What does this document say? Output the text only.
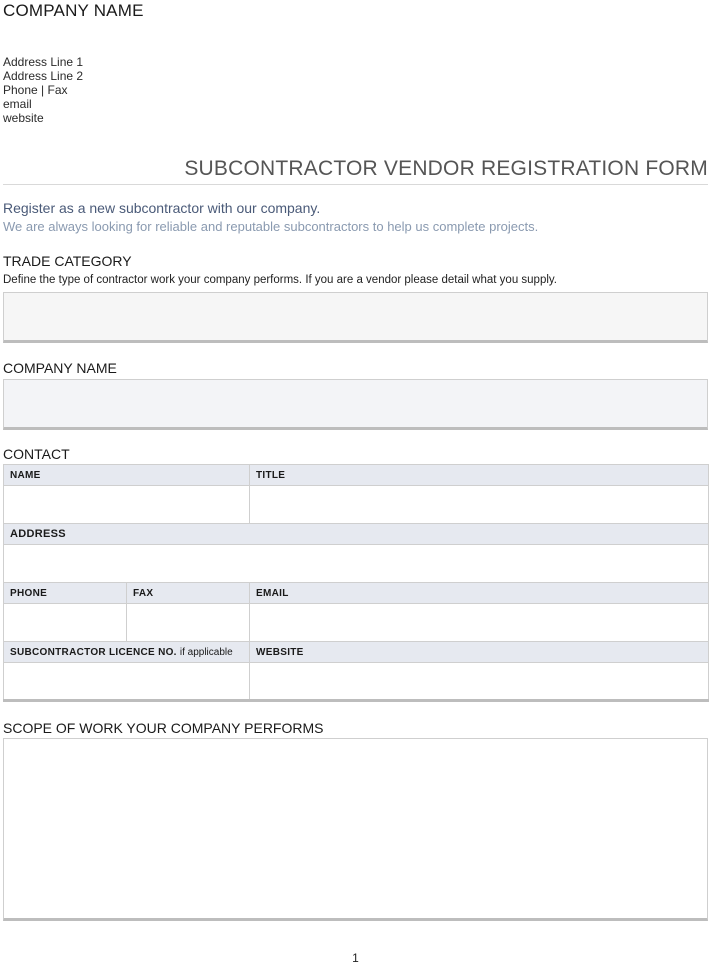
COMPANY NAME
Address Line 1
Address Line 2
Phone | Fax
email
website
SUBCONTRACTOR VENDOR REGISTRATION FORM
Register as a new subcontractor with our company.
We are always looking for reliable and reputable subcontractors to help us complete projects.
TRADE CATEGORY
Define the type of contractor work your company performs. If you are a vendor please detail what you supply.
COMPANY NAME
CONTACT
NAME		TITLE

ADDRESS		

PHONE	FAX	EMAIL

SUBCONTRACTOR LICENCE NO. if applicable		WEBSITE

SCOPE OF WORK YOUR COMPANY PERFORMS
1
